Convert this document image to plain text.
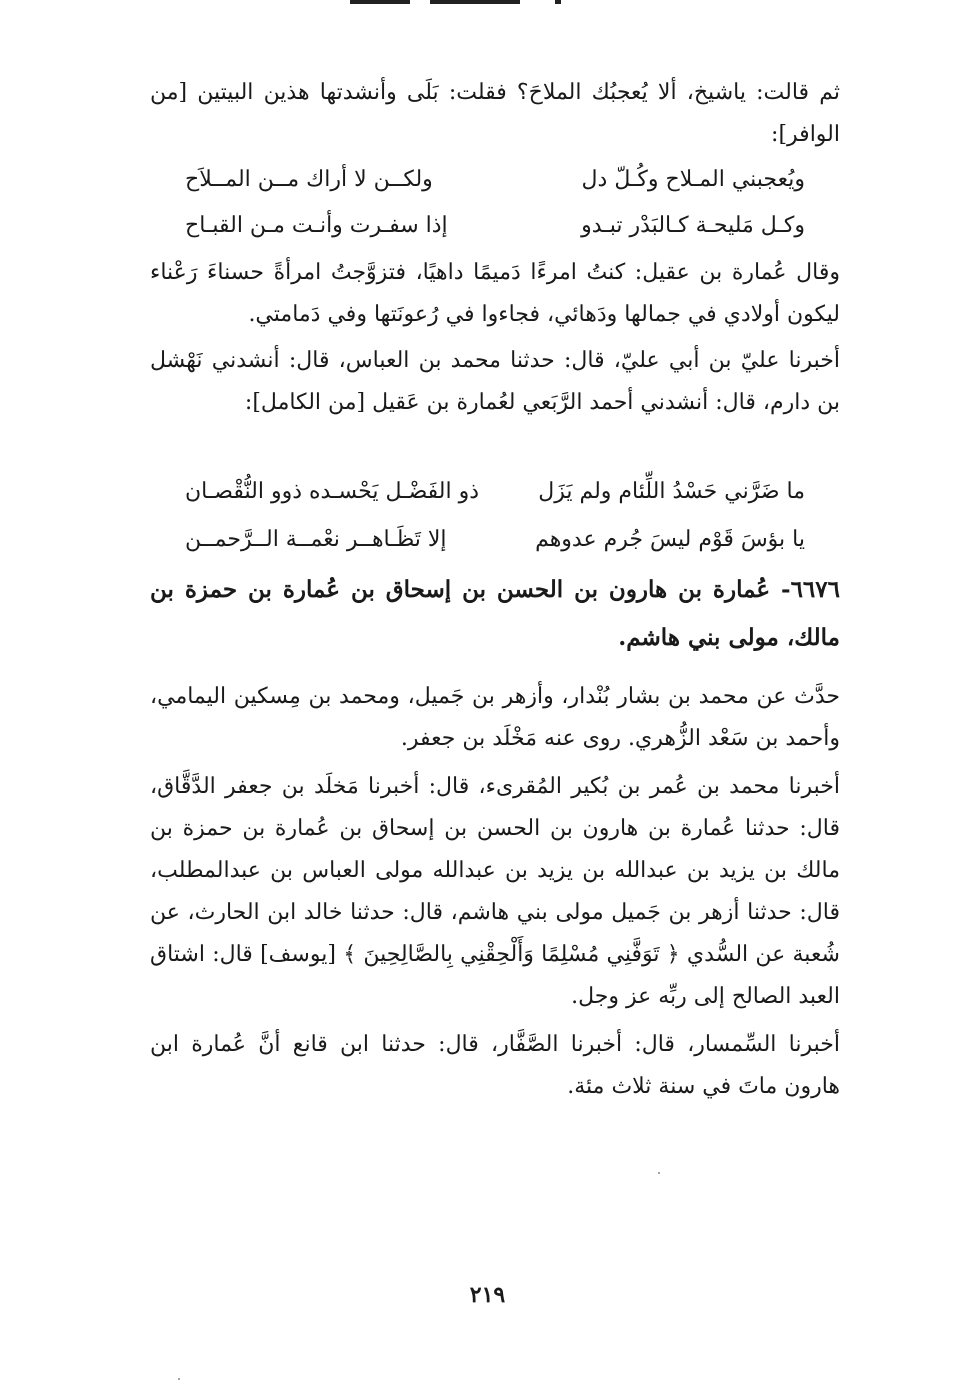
ثم قالت: ياشيخ، ألا يُعجبُك الملاحَ؟ فقلت: بَلَى وأنشدتها هذين البيتين [من الوافر]:
ويُعجبني المـلاح وكُـلّ دل
ولكــن لا أراك مــن المــلاَح
وكـل مَليحـة كـالبَدْر تبـدو
إذا سفـرت وأنـت مـن القبـاح
وقال عُمارة بن عقيل: كنتُ امرءًا دَميمًا داهيًا، فتزوَّجتُ امرأةً حسناءَ رَعْناء ليكون أولادي في جمالها ودَهائي، فجاءوا في رُعونَتها وفي دَمامتي.
أخبرنا عليّ بن أبي عليّ، قال: حدثنا محمد بن العباس، قال: أنشدني نَهْشل بن دارم، قال: أنشدني أحمد الرَّبَعي لعُمارة بن عَقيل [من الكامل]:
ما ضَرَّني حَسْدُ اللِّئام ولم يَزَل
ذو الفَضْـل يَحْسـده ذوو النُّقْصـان
يا بؤسَ قَوْم ليسَ جُرم عدوهم
إلا تَظَـاهــر نعْمــة الــرَّحمــن
٦٦٧٦- عُمارة بن هارون بن الحسن بن إسحاق بن عُمارة بن حمزة بن مالك، مولى بني هاشم.
حدَّث عن محمد بن بشار بُنْدار، وأزهر بن جَميل، ومحمد بن مِسكين اليمامي، وأحمد بن سَعْد الزُّهري. روى عنه مَخْلَد بن جعفر.
أخبرنا محمد بن عُمر بن بُكير المُقرىء، قال: أخبرنا مَخلَد بن جعفر الدَّقَّاق، قال: حدثنا عُمارة بن هارون بن الحسن بن إسحاق بن عُمارة بن حمزة بن مالك بن يزيد بن عبدالله بن يزيد بن عبدالله مولى العباس بن عبدالمطلب، قال: حدثنا أزهر بن جَميل مولى بني هاشم، قال: حدثنا خالد ابن الحارث، عن شُعبة عن السُّدي ﴿ تَوَفَّنِي مُسْلِمًا وَأَلْحِقْنِي بِالصَّالِحِينَ ﴾ [يوسف] قال: اشتاق العبد الصالح إلى ربِّه عز وجل.
أخبرنا السِّمسار، قال: أخبرنا الصَّفَّار، قال: حدثنا ابن قانع أنَّ عُمارة ابن هارون ماتَ في سنة ثلاث مئة.
٢١٩
